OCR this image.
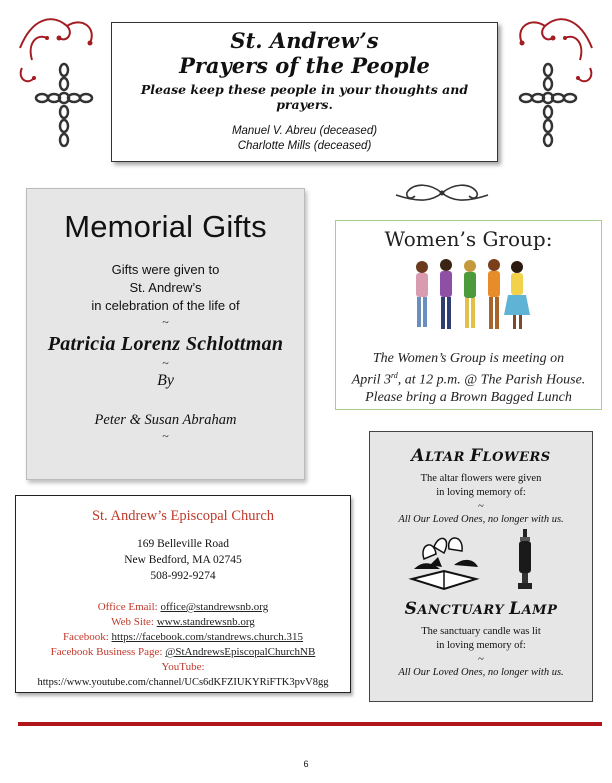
St. Andrew’s
Prayers of the People
Please keep these people in your thoughts and prayers.
Manuel V. Abreu (deceased)
Charlotte Mills (deceased)
Memorial Gifts
Gifts were given to
St. Andrew’s
in celebration of the life of
~
Patricia Lorenz Schlottman
~
By
Peter & Susan Abraham
~
Women’s Group:
The Women’s Group is meeting on
April 3rd, at 12 p.m. @ The Parish House.
Please bring a Brown Bagged Lunch
ALTAR FLOWERS
The altar flowers were given
in loving memory of:
~
All Our Loved Ones, no longer with us.
SANCTUARY LAMP
The sanctuary candle was lit
in loving memory of:
~
All Our Loved Ones, no longer with us.
St. Andrew’s Episcopal Church
169 Belleville Road
New Bedford, MA 02745
508-992-9274
Office Email: office@standrewsnb.org
Web Site: www.standrewsnb.org
Facebook: https://facebook.com/standrews.church.315
Facebook Business Page: @StAndrewsEpiscopalChurchNB
YouTube:
https://www.youtube.com/channel/UCs6dKFZIUKYRiFTK3pvV8gg
6
